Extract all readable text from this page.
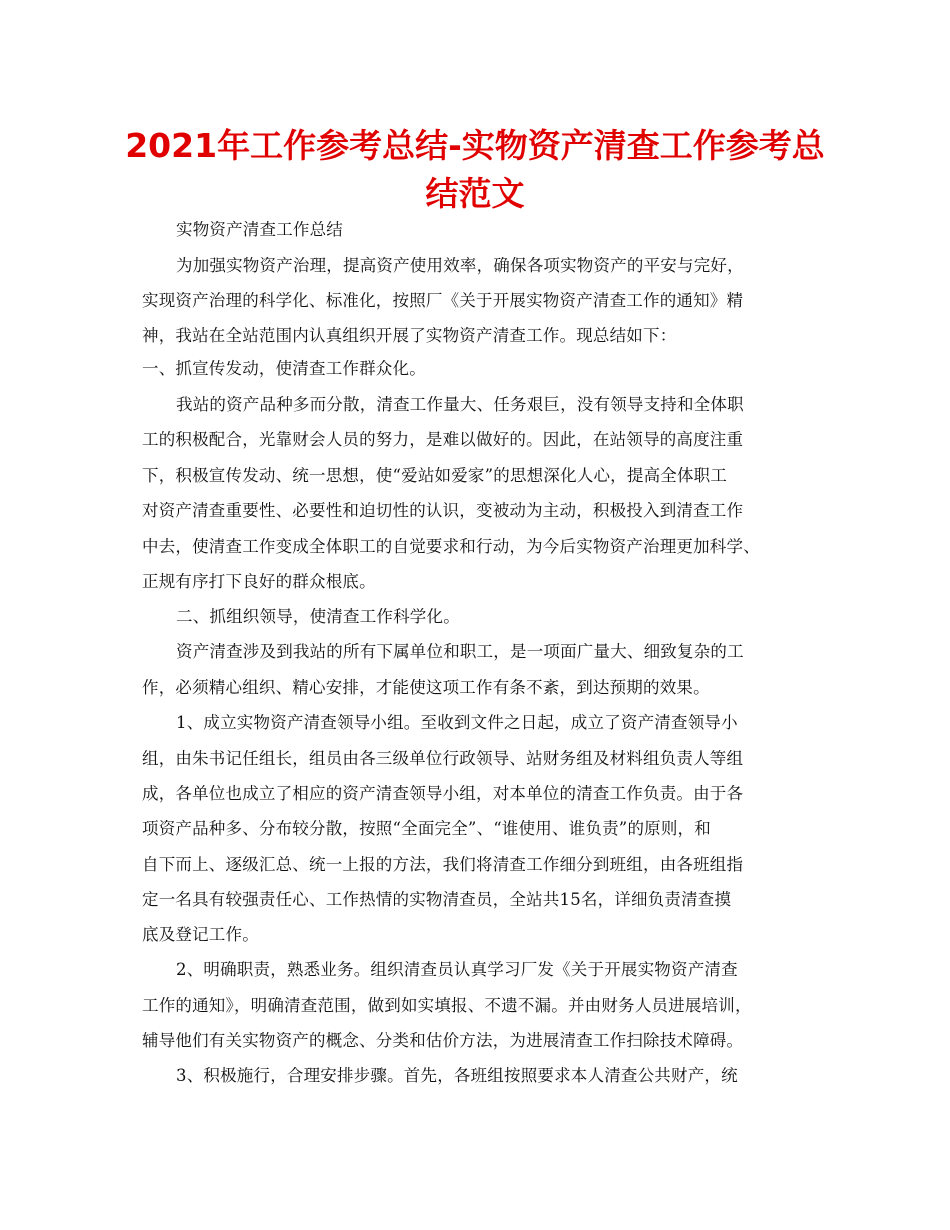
2021年工作参考总结-实物资产清查工作参考总
结范文
实物资产清查工作总结
为加强实物资产治理，提高资产使用效率，确保各项实物资产的平安与完好，
实现资产治理的科学化、标准化，按照厂《关于开展实物资产清查工作的通知》精
神，我站在全站范围内认真组织开展了实物资产清查工作。现总结如下：
一、抓宣传发动，使清查工作群众化。
我站的资产品种多而分散，清查工作量大、任务艰巨，没有领导支持和全体职
工的积极配合，光靠财会人员的努力，是难以做好的。因此，在站领导的高度注重
下，积极宣传发动、统一思想，使“爱站如爱家”的思想深化人心，提高全体职工
对资产清查重要性、必要性和迫切性的认识，变被动为主动，积极投入到清查工作
中去，使清查工作变成全体职工的自觉要求和行动，为今后实物资产治理更加科学、
正规有序打下良好的群众根底。
二、抓组织领导，使清查工作科学化。
资产清查涉及到我站的所有下属单位和职工，是一项面广量大、细致复杂的工
作，必须精心组织、精心安排，才能使这项工作有条不紊，到达预期的效果。
1、成立实物资产清查领导小组。至收到文件之日起，成立了资产清查领导小
组，由朱书记任组长，组员由各三级单位行政领导、站财务组及材料组负责人等组
成，各单位也成立了相应的资产清查领导小组，对本单位的清查工作负责。由于各
项资产品种多、分布较分散，按照“全面完全”、“谁使用、谁负责”的原则，和
自下而上、逐级汇总、统一上报的方法，我们将清查工作细分到班组，由各班组指
定一名具有较强责任心、工作热情的实物清查员，全站共15名，详细负责清查摸
底及登记工作。
2、明确职责，熟悉业务。组织清查员认真学习厂发《关于开展实物资产清查
工作的通知》，明确清查范围，做到如实填报、不遗不漏。并由财务人员进展培训，
辅导他们有关实物资产的概念、分类和估价方法，为进展清查工作扫除技术障碍。
3、积极施行，合理安排步骤。首先，各班组按照要求本人清查公共财产，统
